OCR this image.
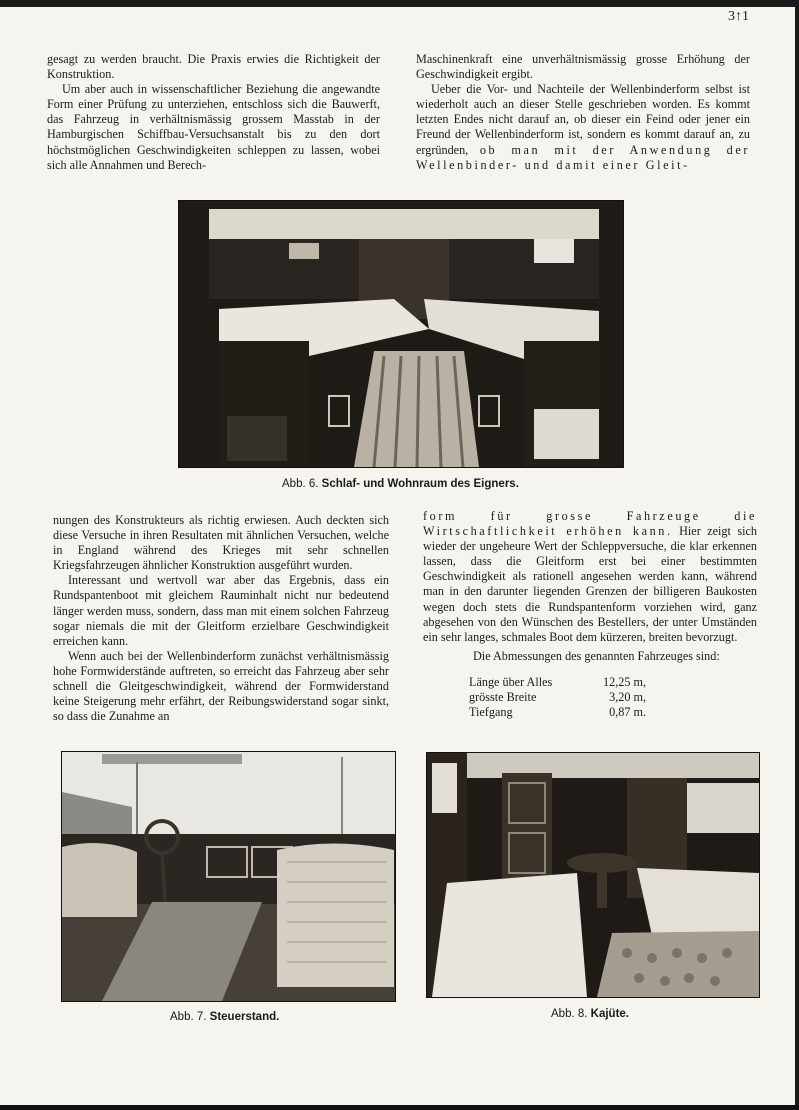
3↑1

gesagt zu werden braucht. Die Praxis erwies die Richtigkeit der Konstruktion.

Um aber auch in wissenschaftlicher Beziehung die angewandte Form einer Prüfung zu unterziehen, entschloss sich die Bauwerft, das Fahrzeug in verhältnismässig grossem Masstab in der Hamburgischen Schiffbau-Versuchsanstalt bis zu den dort höchstmöglichen Geschwindigkeiten schleppen zu lassen, wobei sich alle Annahmen und Berech-

Maschinenkraft eine unverhältnismässig grosse Erhöhung der Geschwindigkeit ergibt.

Ueber die Vor- und Nachteile der Wellenbinderform selbst ist wiederholt auch an dieser Stelle geschrieben worden. Es kommt letzten Endes nicht darauf an, ob dieser ein Feind oder jener ein Freund der Wellenbinderform ist, sondern es kommt darauf an, zu ergründen, ob man mit der Anwendung der Wellenbinder- und damit einer Gleit-

Abb. 6. Schlaf- und Wohnraum des Eigners.

nungen des Konstrukteurs als richtig erwiesen. Auch deckten sich diese Versuche in ihren Resultaten mit ähnlichen Versuchen, welche in England während des Krieges mit sehr schnellen Kriegsfahrzeugen ähnlicher Konstruktion ausgeführt wurden.

Interessant und wertvoll war aber das Ergebnis, dass ein Rundspantenboot mit gleichem Rauminhalt nicht nur bedeutend länger werden muss, sondern, dass man mit einem solchen Fahrzeug sogar niemals die mit der Gleitform erzielbare Geschwindigkeit erreichen kann.

Wenn auch bei der Wellenbinderform zunächst verhältnismässig hohe Formwiderstände auftreten, so erreicht das Fahrzeug aber sehr schnell die Gleitgeschwindigkeit, während der Formwiderstand keine Steigerung mehr erfährt, der Reibungswiderstand sogar sinkt, so dass die Zunahme an

form für grosse Fahrzeuge die Wirtschaftlichkeit erhöhen kann. Hier zeigt sich wieder der ungeheure Wert der Schleppversuche, die klar erkennen lassen, dass die Gleitform erst bei einer bestimmten Geschwindigkeit als rationell angesehen werden kann, während man in den darunter liegenden Grenzen der billigeren Baukosten wegen doch stets die Rundspantenform vorziehen wird, ganz abgesehen von den Wünschen des Bestellers, der unter Umständen ein sehr langes, schmales Boot dem kürzeren, breiten bevorzugt.

Die Abmessungen des genannten Fahrzeuges sind:

Länge über Alles	12,25 m,
grösste Breite	3,20 m,
Tiefgang	0,87 m.
Abb. 7. Steuerstand.	Abb. 8. Kajüte.
